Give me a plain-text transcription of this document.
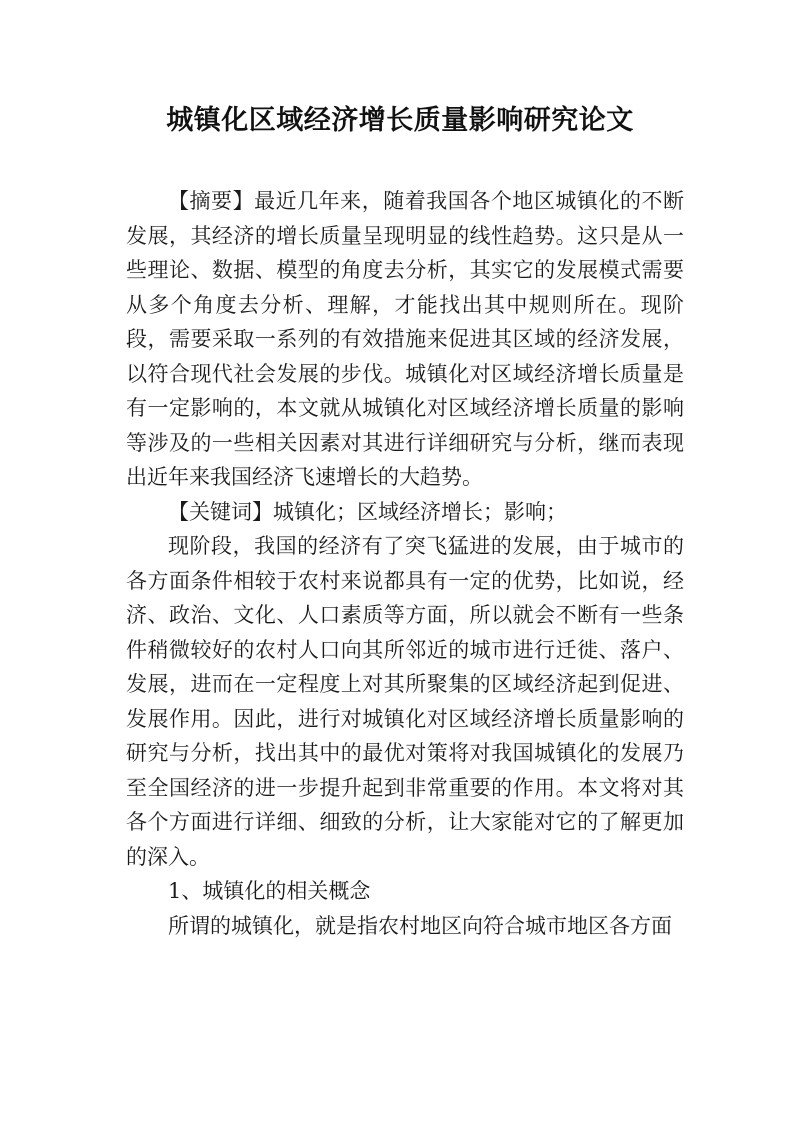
城镇化区域经济增长质量影响研究论文

【摘要】最近几年来，随着我国各个地区城镇化的不断发展，其经济的增长质量呈现明显的线性趋势。这只是从一些理论、数据、模型的角度去分析，其实它的发展模式需要从多个角度去分析、理解，才能找出其中规则所在。现阶段，需要采取一系列的有效措施来促进其区域的经济发展，以符合现代社会发展的步伐。城镇化对区域经济增长质量是有一定影响的，本文就从城镇化对区域经济增长质量的影响等涉及的一些相关因素对其进行详细研究与分析，继而表现出近年来我国经济飞速增长的大趋势。

【关键词】城镇化；区域经济增长；影响；

现阶段，我国的经济有了突飞猛进的发展，由于城市的各方面条件相较于农村来说都具有一定的优势，比如说，经济、政治、文化、人口素质等方面，所以就会不断有一些条件稍微较好的农村人口向其所邻近的城市进行迁徙、落户、发展，进而在一定程度上对其所聚集的区域经济起到促进、发展作用。因此，进行对城镇化对区域经济增长质量影响的研究与分析，找出其中的最优对策将对我国城镇化的发展乃至全国经济的进一步提升起到非常重要的作用。本文将对其各个方面进行详细、细致的分析，让大家能对它的了解更加的深入。

1、城镇化的相关概念

所谓的城镇化，就是指农村地区向符合城市地区各方面
